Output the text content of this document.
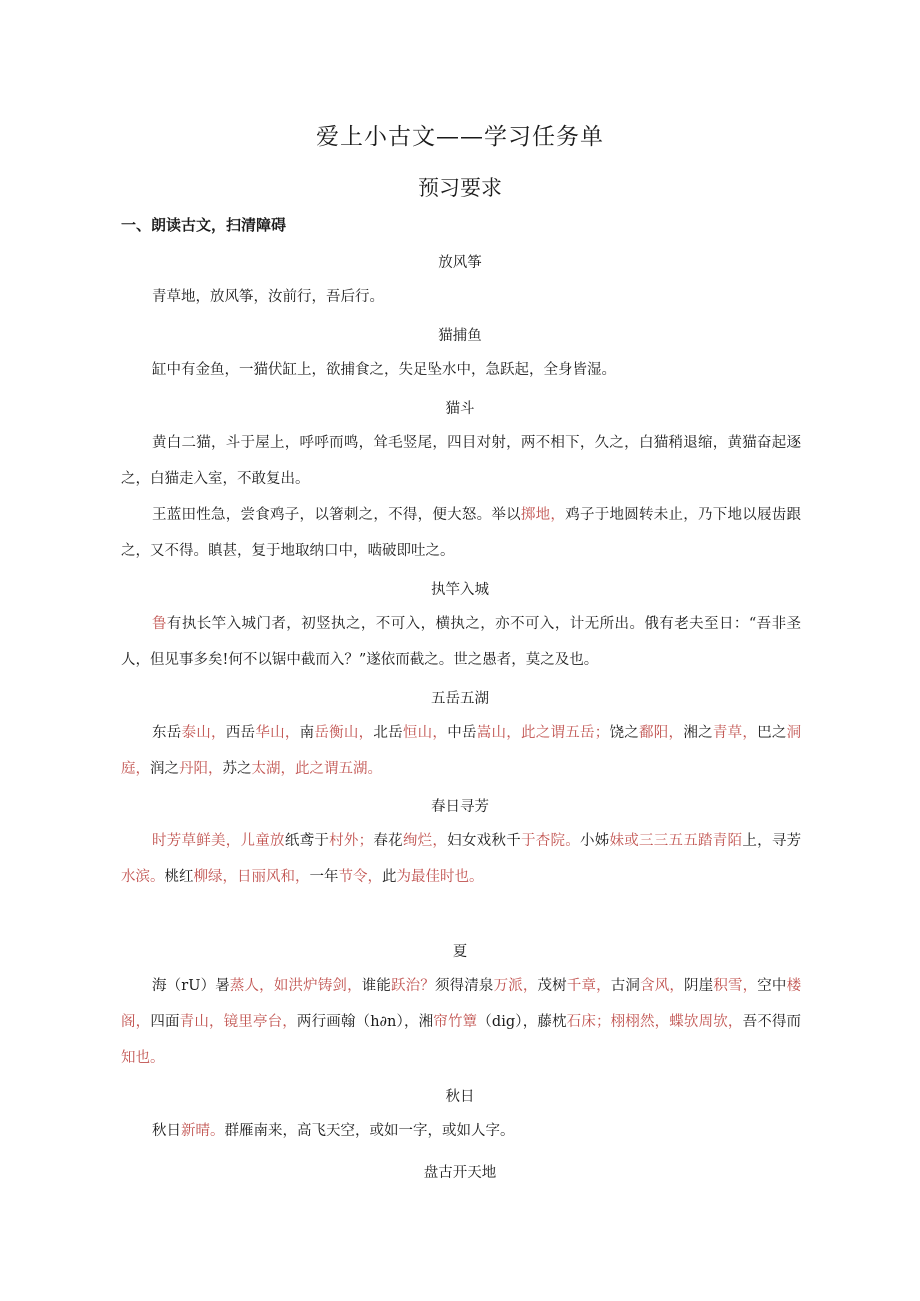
爱上小古文——学习任务单
预习要求
一、朗读古文，扫清障碍

放风筝

青草地，放风筝，汝前行，吾后行。

猫捕鱼

缸中有金鱼，一猫伏缸上，欲捕食之，失足坠水中，急跃起，全身皆湿。

猫斗

黄白二猫，斗于屋上，呼呼而鸣，耸毛竖尾，四目对射，两不相下，久之，白猫稍退缩，黄猫奋起逐之，白猫走入室，不敢复出。

王蓝田性急，尝食鸡子，以箸刺之，不得，便大怒。举以掷地，鸡子于地圆转未止，乃下地以屐齿跟之，又不得。瞋甚，复于地取纳口中，啮破即吐之。

执竿入城

鲁有执长竿入城门者，初竖执之，不可入，横执之，亦不可入，计无所出。俄有老夫至日：“吾非圣人，但见事多矣!何不以锯中截而入？”遂依而截之。世之愚者，莫之及也。

五岳五湖

东岳泰山，西岳华山，南岳衡山，北岳恒山，中岳嵩山，此之谓五岳；饶之鄱阳，湘之青草，巴之洞庭，润之丹阳，苏之太湖，此之谓五湖。

春日寻芳

时芳草鲜美，儿童放纸鸢于村外；春花绚烂，妇女戏秋千于杏院。小姊妹或三三五五踏青陌上，寻芳水滨。桃红柳绿，日丽风和，一年节令，此为最佳时也。

夏

海（rU）暑蒸人，如洪炉铸剑，谁能跃治？须得清泉万派，茂树千章，古洞含风，阴崖积雪，空中楼阁，四面青山，镜里亭台，两行画翰（h∂n），湘帘竹簟（dig），藤枕石床；栩栩然，蝶欤周欤，吾不得而知也。

秋日

秋日新晴。群雁南来，高飞天空，或如一字，或如人字。

盘古开天地
